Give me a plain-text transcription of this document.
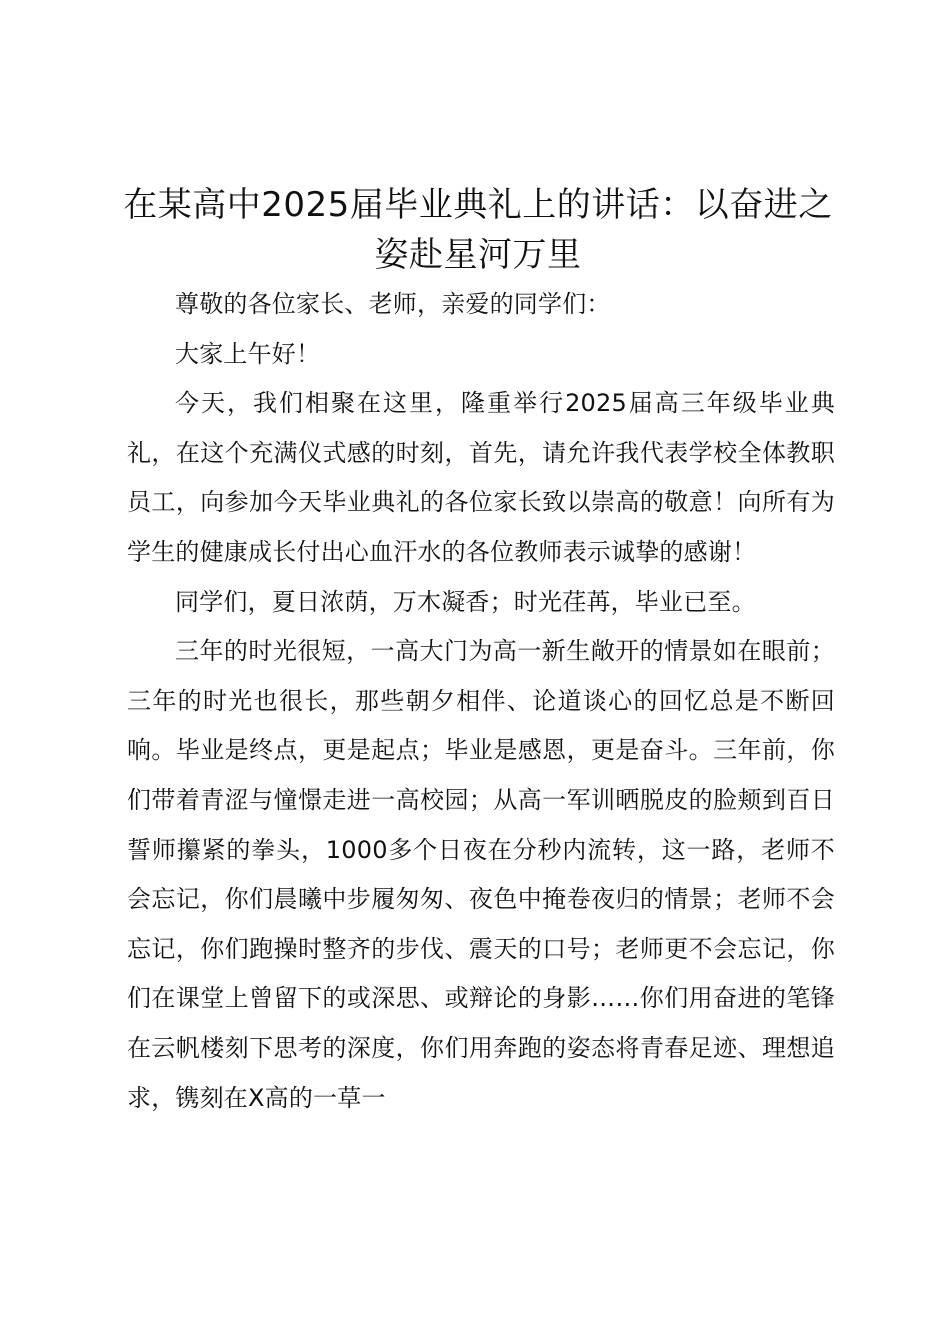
在某高中2025届毕业典礼上的讲话：以奋进之姿赴星河万里

尊敬的各位家长、老师，亲爱的同学们：

大家上午好！

今天，我们相聚在这里，隆重举行2025届高三年级毕业典礼，在这个充满仪式感的时刻，首先，请允许我代表学校全体教职员工，向参加今天毕业典礼的各位家长致以崇高的敬意！向所有为学生的健康成长付出心血汗水的各位教师表示诚挚的感谢！

同学们，夏日浓荫，万木凝香；时光荏苒，毕业已至。

三年的时光很短，一高大门为高一新生敞开的情景如在眼前；三年的时光也很长，那些朝夕相伴、论道谈心的回忆总是不断回响。毕业是终点，更是起点；毕业是感恩，更是奋斗。三年前，你们带着青涩与憧憬走进一高校园；从高一军训晒脱皮的脸颊到百日誓师攥紧的拳头，1000多个日夜在分秒内流转，这一路，老师不会忘记，你们晨曦中步履匆匆、夜色中掩卷夜归的情景；老师不会忘记，你们跑操时整齐的步伐、震天的口号；老师更不会忘记，你们在课堂上曾留下的或深思、或辩论的身影……你们用奋进的笔锋在云帆楼刻下思考的深度，你们用奔跑的姿态将青春足迹、理想追求，镌刻在X高的一草一
